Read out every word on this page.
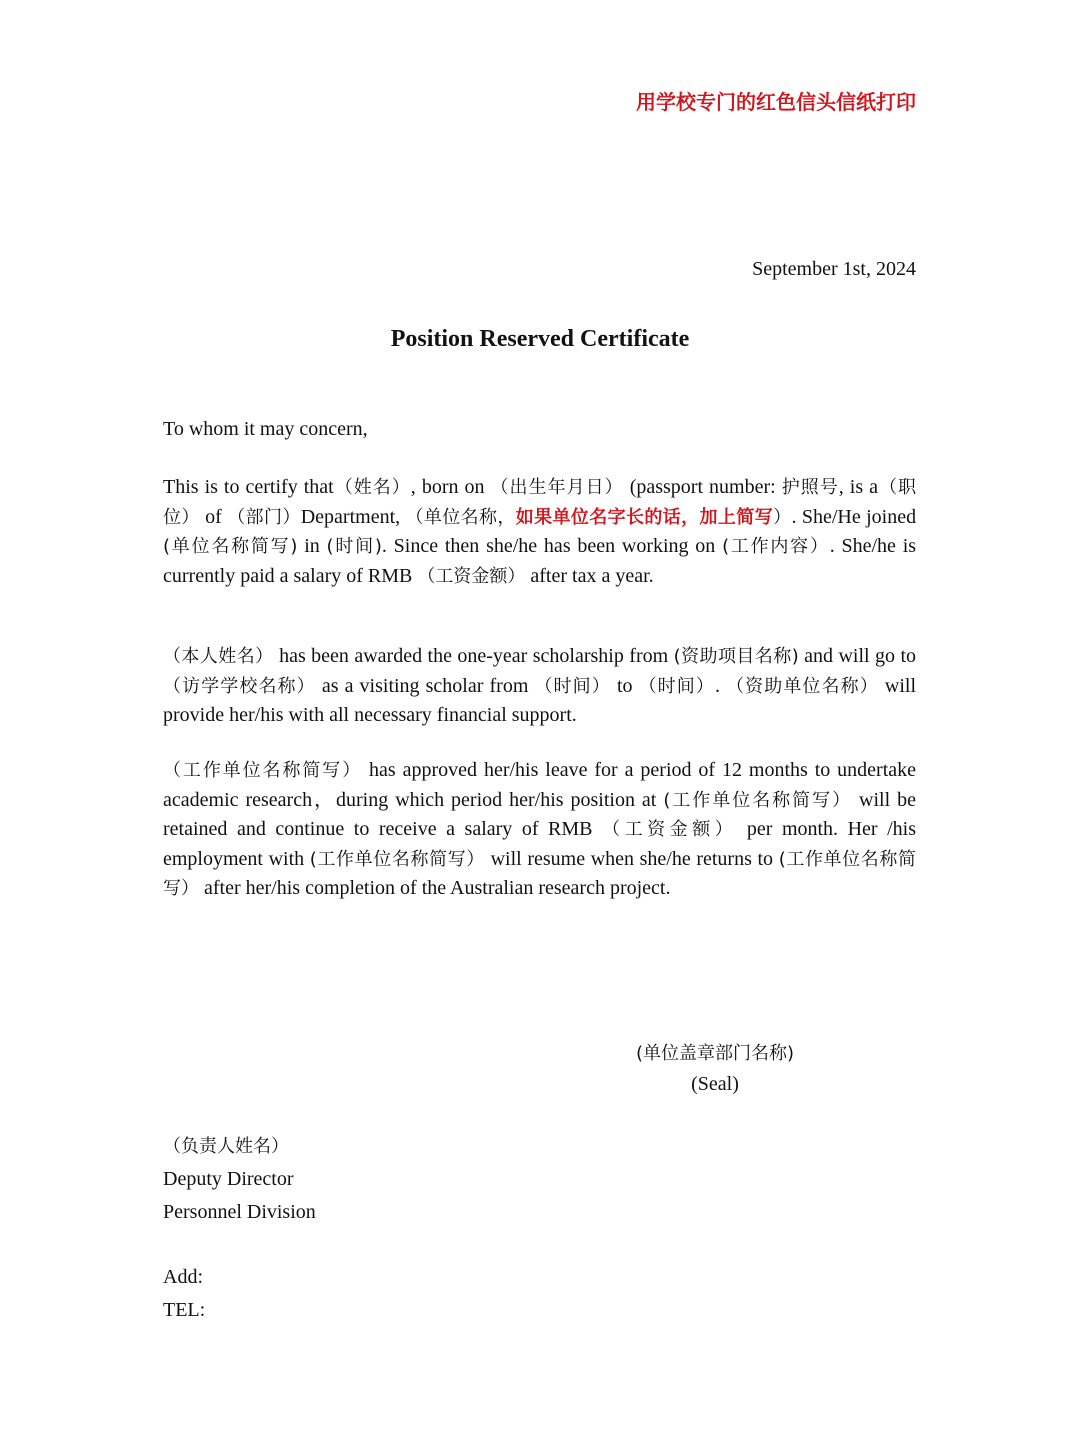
用学校专门的红色信头信纸打印
September 1st, 2024
Position Reserved Certificate
To whom it may concern,

This is to certify that（姓名）, born on （出生年月日） (passport number: 护照号, is a（职位） of （部门）Department, （单位名称，如果单位名字长的话，加上简写）. She/He joined (单位名称简写) in (时间). Since then she/he has been working on (工作内容）. She/he is currently paid a salary of RMB （工资金额） after tax a year.

（本人姓名） has been awarded the one-year scholarship from (资助项目名称) and will go to （访学学校名称） as a visiting scholar from （时间） to （时间）. （资助单位名称） will provide her/his with all necessary financial support.

（工作单位名称简写） has approved her/his leave for a period of 12 months to undertake academic research，during which period her/his position at (工作单位名称简写） will be retained and continue to receive a salary of RMB （工资金额） per month. Her /his employment with (工作单位名称简写） will resume when she/he returns to (工作单位名称简写） after her/his completion of the Australian research project.

(单位盖章部门名称)
(Seal)
（负责人姓名）
Deputy Director
Personnel Division
Add:
TEL:
